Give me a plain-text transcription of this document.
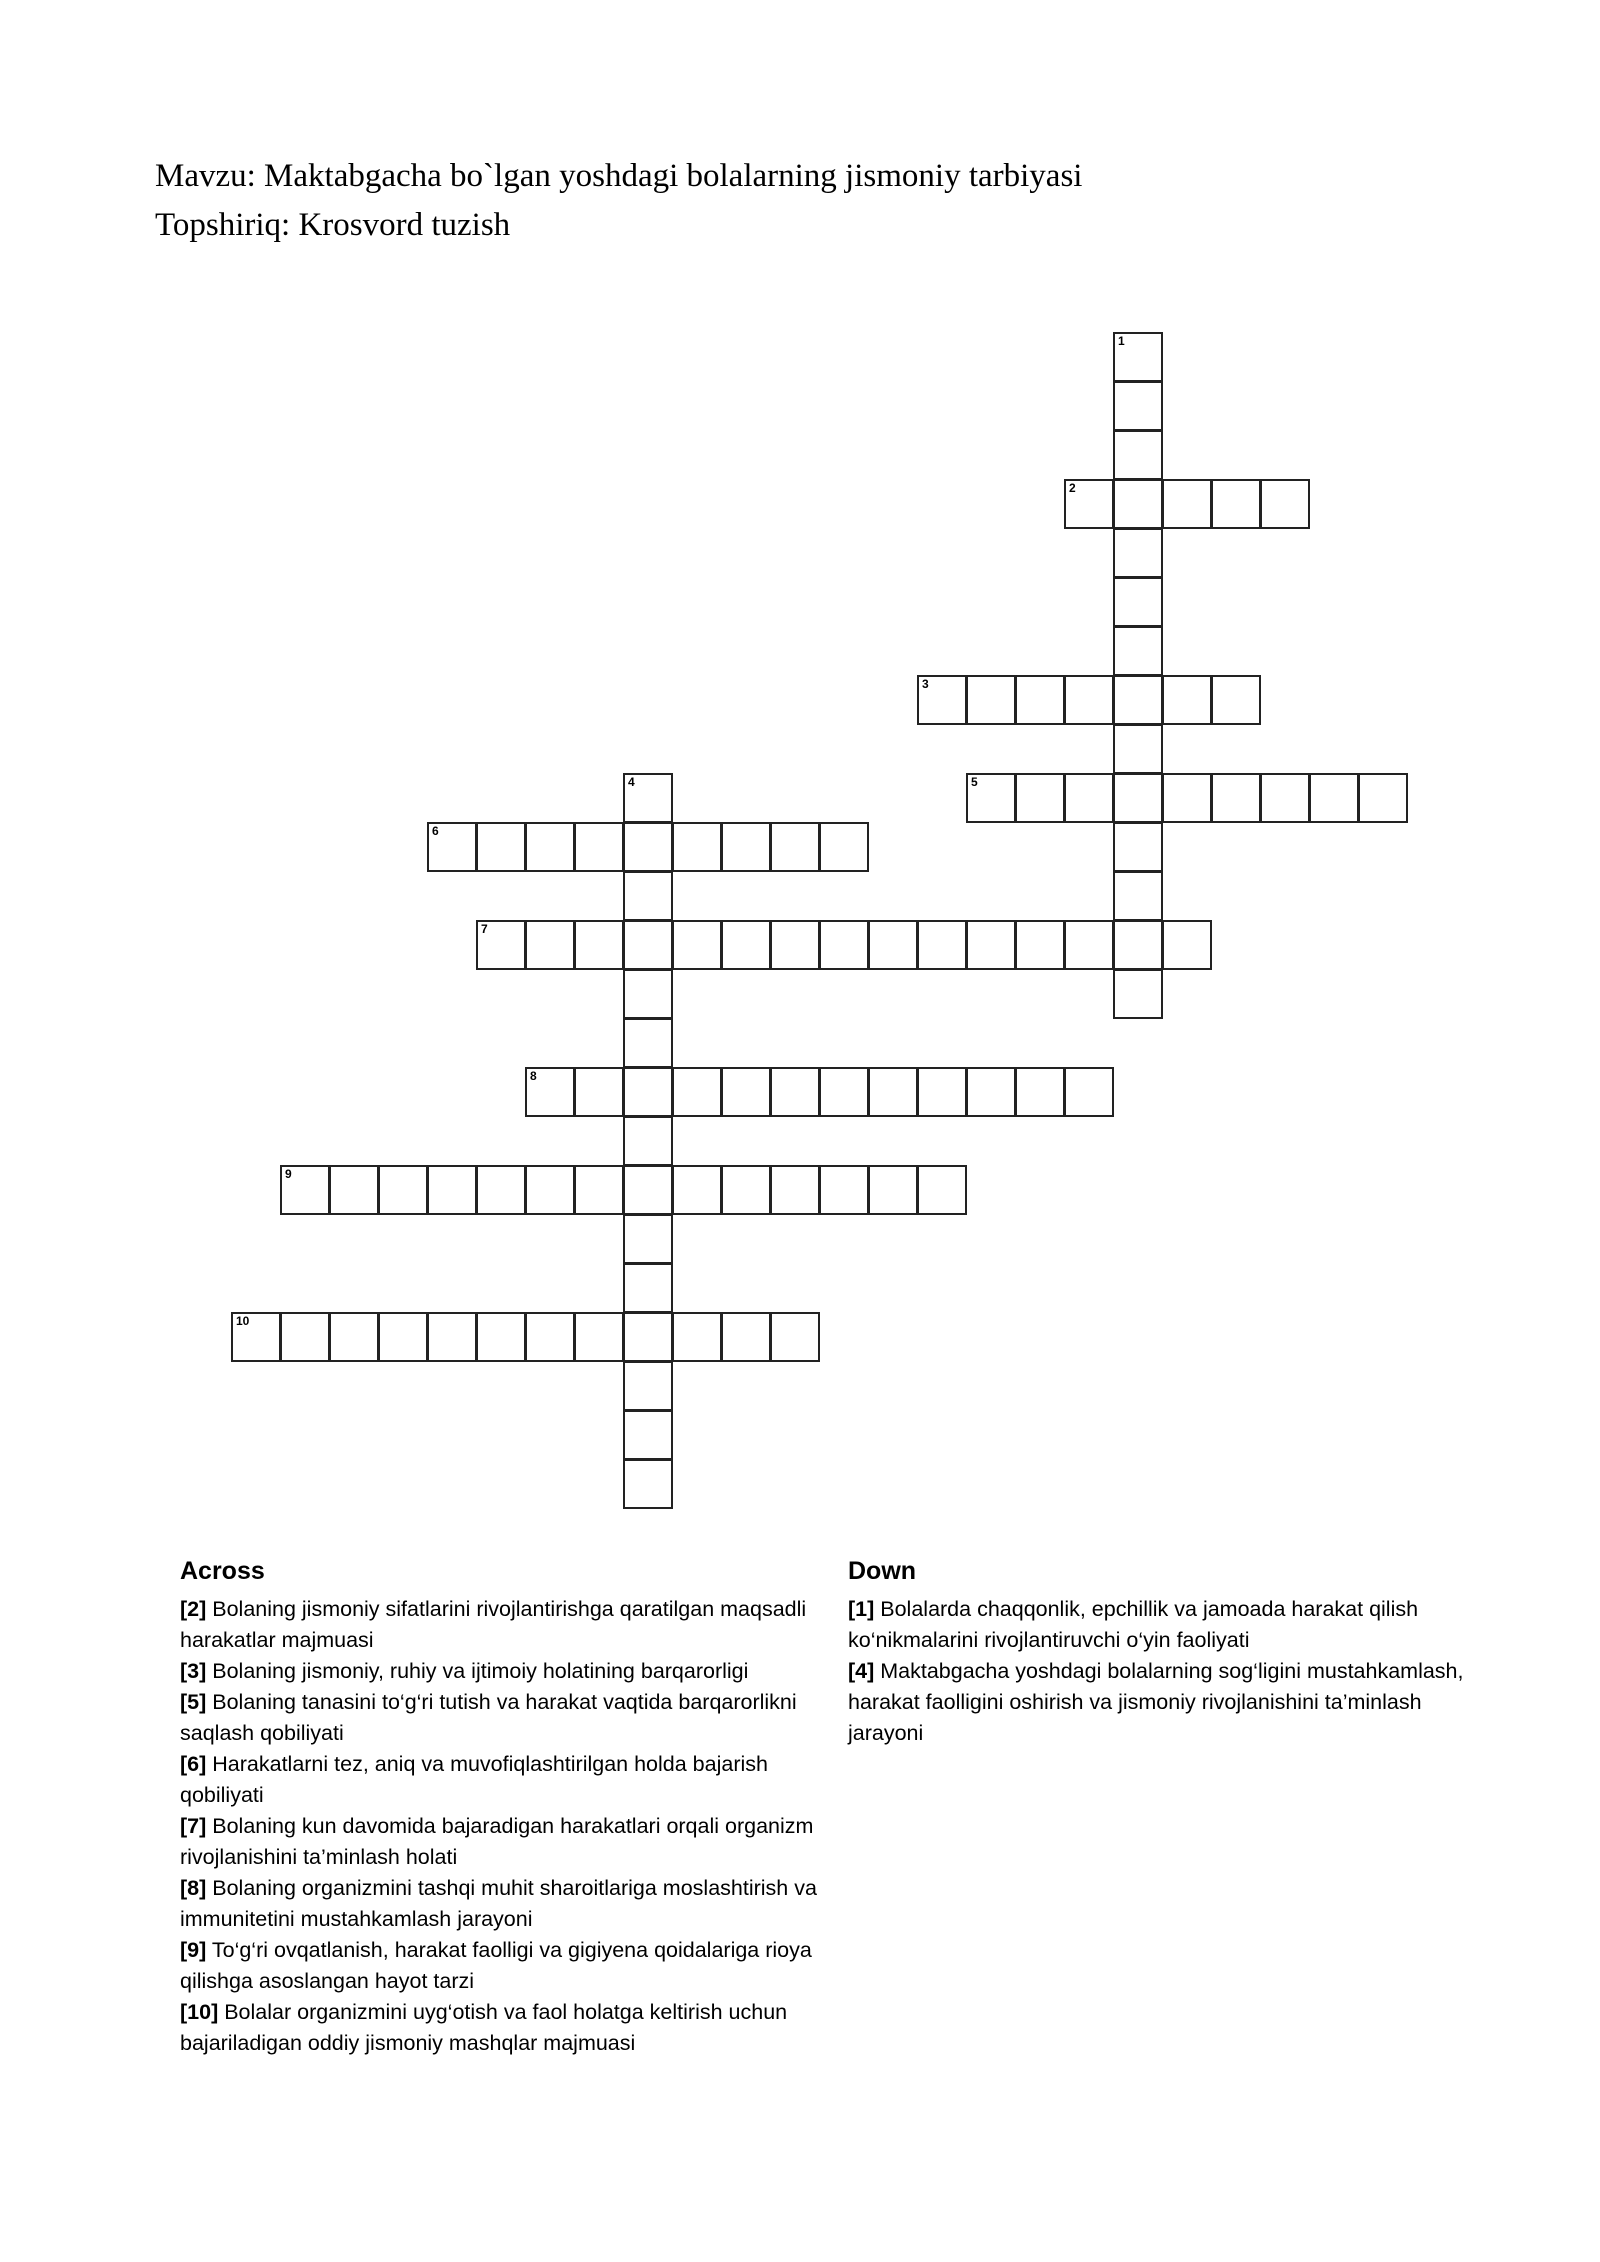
Mavzu: Maktabgacha bo`lgan yoshdagi bolalarning jismoniy tarbiyasi
Topshiriq: Krosvord tuzish
1
2
3
4	5
6
7
8
9
10
Across
[2] Bolaning jismoniy sifatlarini rivojlantirishga qaratilgan maqsadli harakatlar majmuasi
[3] Bolaning jismoniy, ruhiy va ijtimoiy holatining barqarorligi
[5] Bolaning tanasini to‘g‘ri tutish va harakat vaqtida barqarorlikni saqlash qobiliyati
[6] Harakatlarni tez, aniq va muvofiqlashtirilgan holda bajarish qobiliyati
[7] Bolaning kun davomida bajaradigan harakatlari orqali organizm rivojlanishini ta’minlash holati
[8] Bolaning organizmini tashqi muhit sharoitlariga moslashtirish va immunitetini mustahkamlash jarayoni
[9] To‘g‘ri ovqatlanish, harakat faolligi va gigiyena qoidalariga rioya qilishga asoslangan hayot tarzi
[10] Bolalar organizmini uyg‘otish va faol holatga keltirish uchun bajariladigan oddiy jismoniy mashqlar majmuasi
Down
[1] Bolalarda chaqqonlik, epchillik va jamoada harakat qilish ko‘nikmalarini rivojlantiruvchi o‘yin faoliyati
[4] Maktabgacha yoshdagi bolalarning sog‘ligini mustahkamlash, harakat faolligini oshirish va jismoniy rivojlanishini ta’minlash jarayoni
